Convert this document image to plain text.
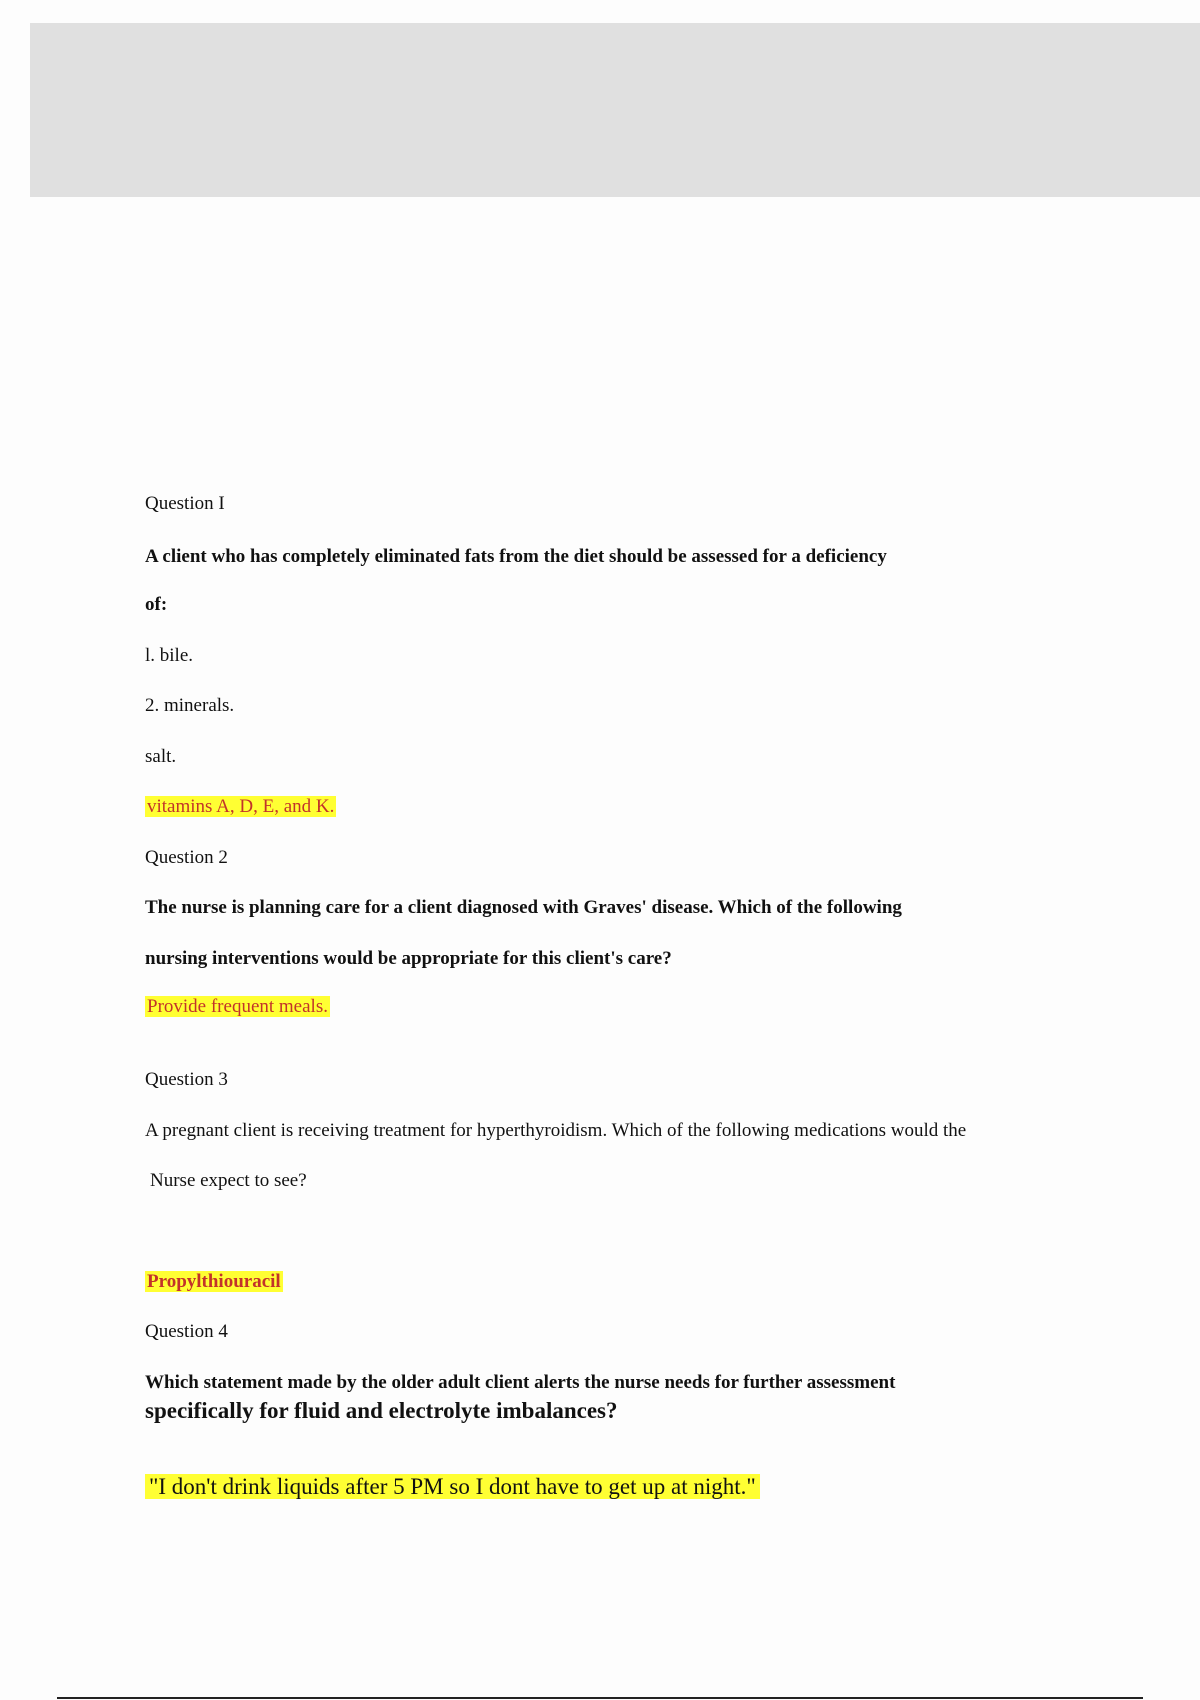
Question I
A client who has completely eliminated fats from the diet should be assessed for a deficiency
of:
l. bile.
2. minerals.
salt.
vitamins A, D, E, and K.
Question 2
The nurse is planning care for a client diagnosed with Graves' disease. Which of the following
nursing interventions would be appropriate for this client's care?
Provide frequent meals.
Question 3
A pregnant client is receiving treatment for hyperthyroidism. Which of the following medications would the
Nurse expect to see?
Propylthiouracil
Question 4
Which statement made by the older adult client alerts the nurse needs for further assessment
specifically for fluid and electrolyte imbalances?
"I don't drink liquids after 5 PM so I dont have to get up at night."
